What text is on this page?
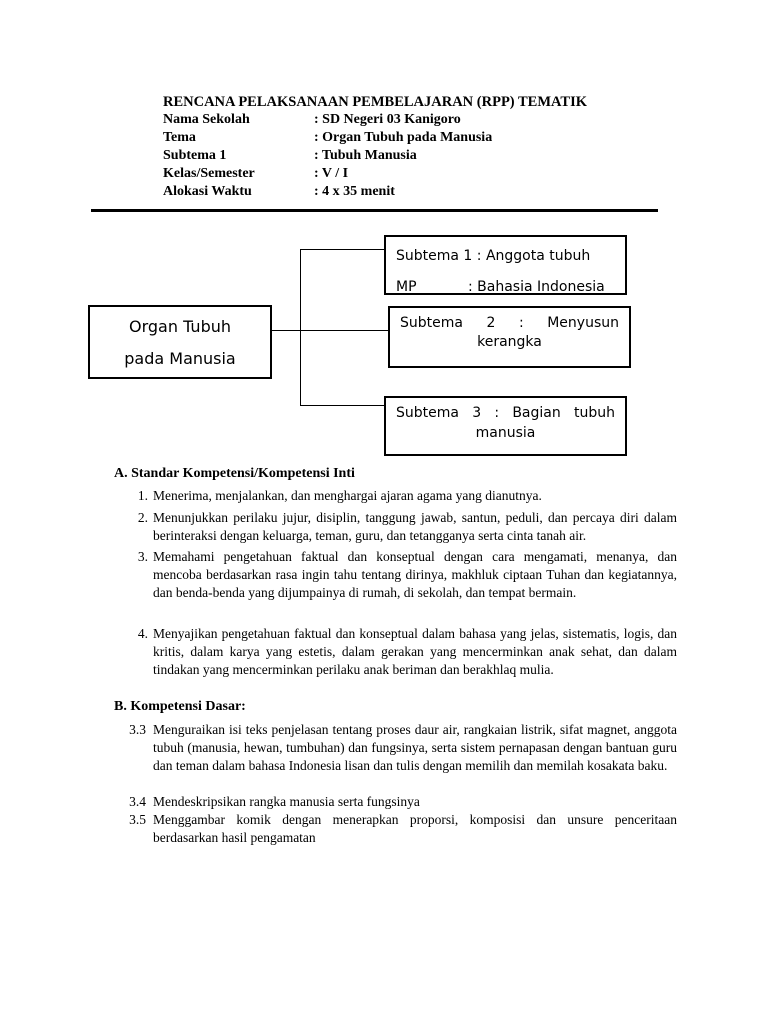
RENCANA PELAKSANAAN PEMBELAJARAN (RPP) TEMATIK
Nama Sekolah	: SD Negeri 03 Kanigoro
Tema	: Organ Tubuh pada Manusia
Subtema 1	: Tubuh Manusia
Kelas/Semester	: V / I
Alokasi Waktu	: 4 x 35 menit
Organ Tubuh
pada Manusia
Subtema 1 : Anggota tubuh
MP	: Bahasia Indonesia
Subtema 2 : Menyusun
kerangka
Subtema 3 : Bagian tubuh
manusia
A. Standar Kompetensi/Kompetensi Inti
1. Menerima, menjalankan, dan menghargai ajaran agama yang dianutnya.
2. Menunjukkan perilaku jujur, disiplin, tanggung jawab, santun, peduli, dan percaya diri dalam berinteraksi dengan keluarga, teman, guru, dan tetangganya serta cinta tanah air.
3. Memahami pengetahuan faktual dan konseptual dengan cara mengamati, menanya, dan mencoba berdasarkan rasa ingin tahu tentang dirinya, makhluk ciptaan Tuhan dan kegiatannya, dan benda-benda yang dijumpainya di rumah, di sekolah, dan tempat bermain.
4. Menyajikan pengetahuan faktual dan konseptual dalam bahasa yang jelas, sistematis, logis, dan kritis, dalam karya yang estetis, dalam gerakan yang mencerminkan anak sehat, dan dalam tindakan yang mencerminkan perilaku anak beriman dan berakhlaq mulia.
B. Kompetensi Dasar:
3.3 Menguraikan isi teks penjelasan tentang proses daur air, rangkaian listrik, sifat magnet, anggota tubuh (manusia, hewan, tumbuhan) dan fungsinya, serta sistem pernapasan dengan bantuan guru dan teman dalam bahasa Indonesia lisan dan tulis dengan memilih dan memilah kosakata baku.
3.4 Mendeskripsikan rangka manusia serta fungsinya
3.5 Menggambar komik dengan menerapkan proporsi, komposisi dan unsure penceritaan berdasarkan hasil pengamatan
